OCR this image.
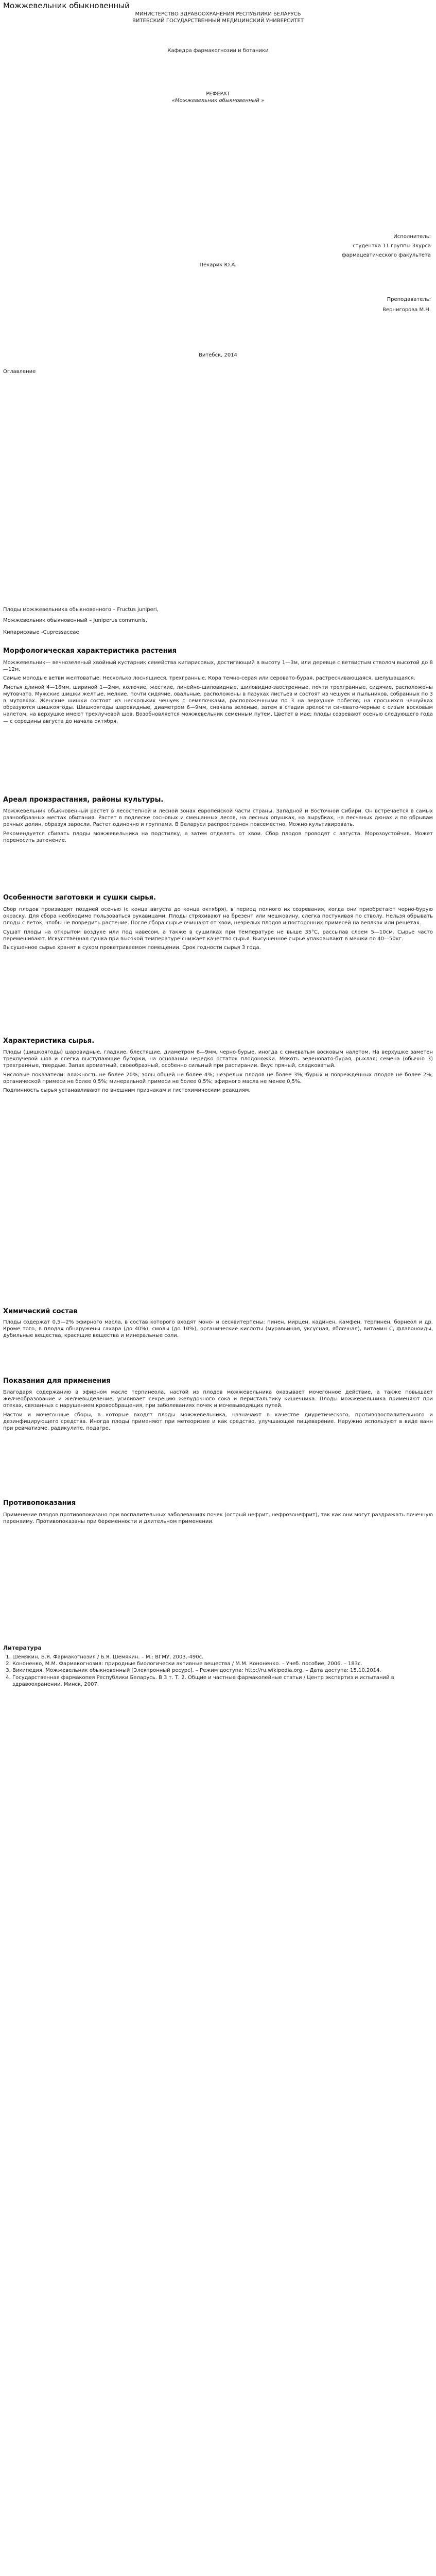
Можжевельник обыкновенный
МИНИСТЕРСТВО ЗДРАВООХРАНЕНИЯ РЕСПУБЛИКИ БЕЛАРУСЬ
ВИТЕБСКИЙ ГОСУДАРСТВЕННЫЙ МЕДИЦИНСКИЙ УНИВЕРСИТЕТ
Кафедра фармакогнозии и ботаники
РЕФЕРАТ
«Можжевельник обыкновенный »
Исполнитель:
студентка 11 группы 3курса
фармацевтического факультета
Пекарик Ю.А.
Преподаватель:
Вернигорова М.Н.
Витебск, 2014
Оглавление
Плоды можжевельника обыкновенного – Fructus juniperi,
Можжевельник обыкновенный – Juniperus communis,
Кипарисовые -Cupressaceae
Морфологическая характеристика растения

Можжевельник— вечнозеленый хвойный кустарник семейства кипарисовых, достигающий в высоту 1—3м, или деревце с ветвистым стволом высотой до 8—12м.

Самые молодые ветви желтоватые. Несколько лоснящиеся, трехгранные. Кора темно-серая или серовато-бурая, растрескивающаяся, шелушащаяся.

Листья длиной 4—16мм, шириной 1—2мм, колючие, жесткие, линейно-шиловидные, шиловидно-заостренные, почти трехгранные, сидячие, расположены мутовчато. Мужские шишки желтые, мелкие, почти сидячие, овальные, расположены в пазухах листьев и состоят из чешуек и пыльников, собранных по 3 в мутовках. Женские шишки состоят из нескольких чешуек с семяпочками, расположенными по 3 на верхушке побегов; на сросшихся чешуйках образуются шишкоягоды. Шишкоягоды шаровидные, диаметром 6—9мм, сначала зеленые, затем в стадии зрелости синевато-черные с сизым восковым налетом, на верхушке имеют трехлучевой шов. Возобновляется можжевельник семенным путем. Цветет в мае; плоды созревают осенью следующего года— с середины августа до начала октября.

Ареал произрастания, районы культуры.

Можжевельник обыкновенный растет в лесостепной и лесной зонах европейской части страны, Западной и Восточной Сибири. Он встречается в самых разнообразных местах обитания. Растет в подлеске сосновых и смешанных лесов, на лесных опушках, на вырубках, на песчаных дюнах и по обрывам речных долин, образуя заросли. Растет одиночно и группами. В Беларуси распространен повсеместно. Можно культивировать.

Рекомендуется сбивать плоды можжевельника на подстилку, а затем отделять от хвои. Сбор плодов проводят с августа. Морозоустойчив. Может переносить затенение.

Особенности заготовки и сушки сырья.

Сбор плодов производят поздней осенью (с конца августа до конца октября), в период полного их созревания, когда они приобретают черно-бурую окраску. Для сбора необходимо пользоваться рукавицами. Плоды стряхивают на брезент или мешковину, слегка постукивая по стволу. Нельзя обрывать плоды с веток, чтобы не повредить растение. После сбора сырье очищают от хвои, незрелых плодов и посторонних примесей на веялках или решетах.

Сушат плоды на открытом воздухе или под навесом, а также в сушилках при температуре не выше 35°С, рассыпав слоем 5—10см. Сырье часто перемешивают. Искусственная сушка при высокой температуре снижает качество сырья. Высушенное сырье упаковывают в мешки по 40—50кг.

Высушенное сырье хранят в сухом проветриваемом помещении. Срок годности сырья 3 года.

Характеристика сырья.

Плоды (шишкоягоды) шаровидные, гладкие, блестящие, диаметром 6—9мм, черно-бурые, иногда с синеватым восковым налетом. На верхушке заметен трехлучевой шов и слегка выступающие бугорки, на основании нередко остаток плодоножки. Мякоть зеленовато-бурая, рыхлая; семена (обычно 3) трехгранные, твердые. Запах ароматный, своеобразный, особенно сильный при растирании. Вкус пряный, сладковатый.

Числовые показатели: влажность не более 20%; золы общей не более 4%; незрелых плодов не более 3%; бурых и поврежденных плодов не более 2%; органической примеси не более 0,5%; минеральной примеси не более 0,5%; эфирного масла не менее 0,5%.

Подлинность сырья устанавливают по внешним признакам и гистохимическим реакциям.

Химический состав

Плоды содержат 0,5—2% эфирного масла, в состав которого входят моно- и сесквитерпены: пинен, мирцен, кадинен, камфен, терпинен, борнеол и др. Кроме того, в плодах обнаружены сахара (до 40%), смолы (до 10%), органические кислоты (муравьиная, уксусная, яблочная), витамин С, флавоноиды, дубильные вещества, красящие вещества и минеральные соли.

Показания для применения

Благодаря содержанию в эфирном масле терпинеола, настой из плодов можжевельника оказывает мочегонное действие, а также повышает желчеобразование и желчевыделение, усиливает секрецию желудочного сока и перистальтику кишечника. Плоды можжевельника применяют при отеках, связанных с нарушением кровообращения, при заболеваниях почек и мочевыводящих путей.

Настои и мочегонные сборы, в которые входят плоды можжевельника, назначают в качестве диуретического, противовоспалительного и дезинфицирующего средства. Иногда плоды применяют при метеоризме и как средство, улучшающее пищеварение. Наружно используют в виде ванн при ревматизме, радикулите, подагре.

Противопоказания

Применение плодов противопоказано при воспалительных заболеваниях почек (острый нефрит, нефрозонефрит), так как они могут раздражать почечную паренхиму. Противопоказаны при беременности и длительном применении.

Литература
1. Шемякин, Б.Я. Фармакогнозия / Б.Я. Шемякин. – М.: ВГМУ, 2003.-490с.
2. Кононенко, М.М. Фармакогнозия: природные биологически активные вещества / М.М. Кононенко. – Учеб. пособие, 2006. – 183с.
3. Википедия. Можжевельник обыкновенный [Электронный ресурс]. – Режим доступа: http://ru.wikipedia.org. – Дата доступа: 15.10.2014.
4. Государственная фармакопея Республики Беларусь. В 3 т. Т. 2. Общие и частные фармакопейные статьи / Центр экспертиз и испытаний в здравоохранении. Минск, 2007.
